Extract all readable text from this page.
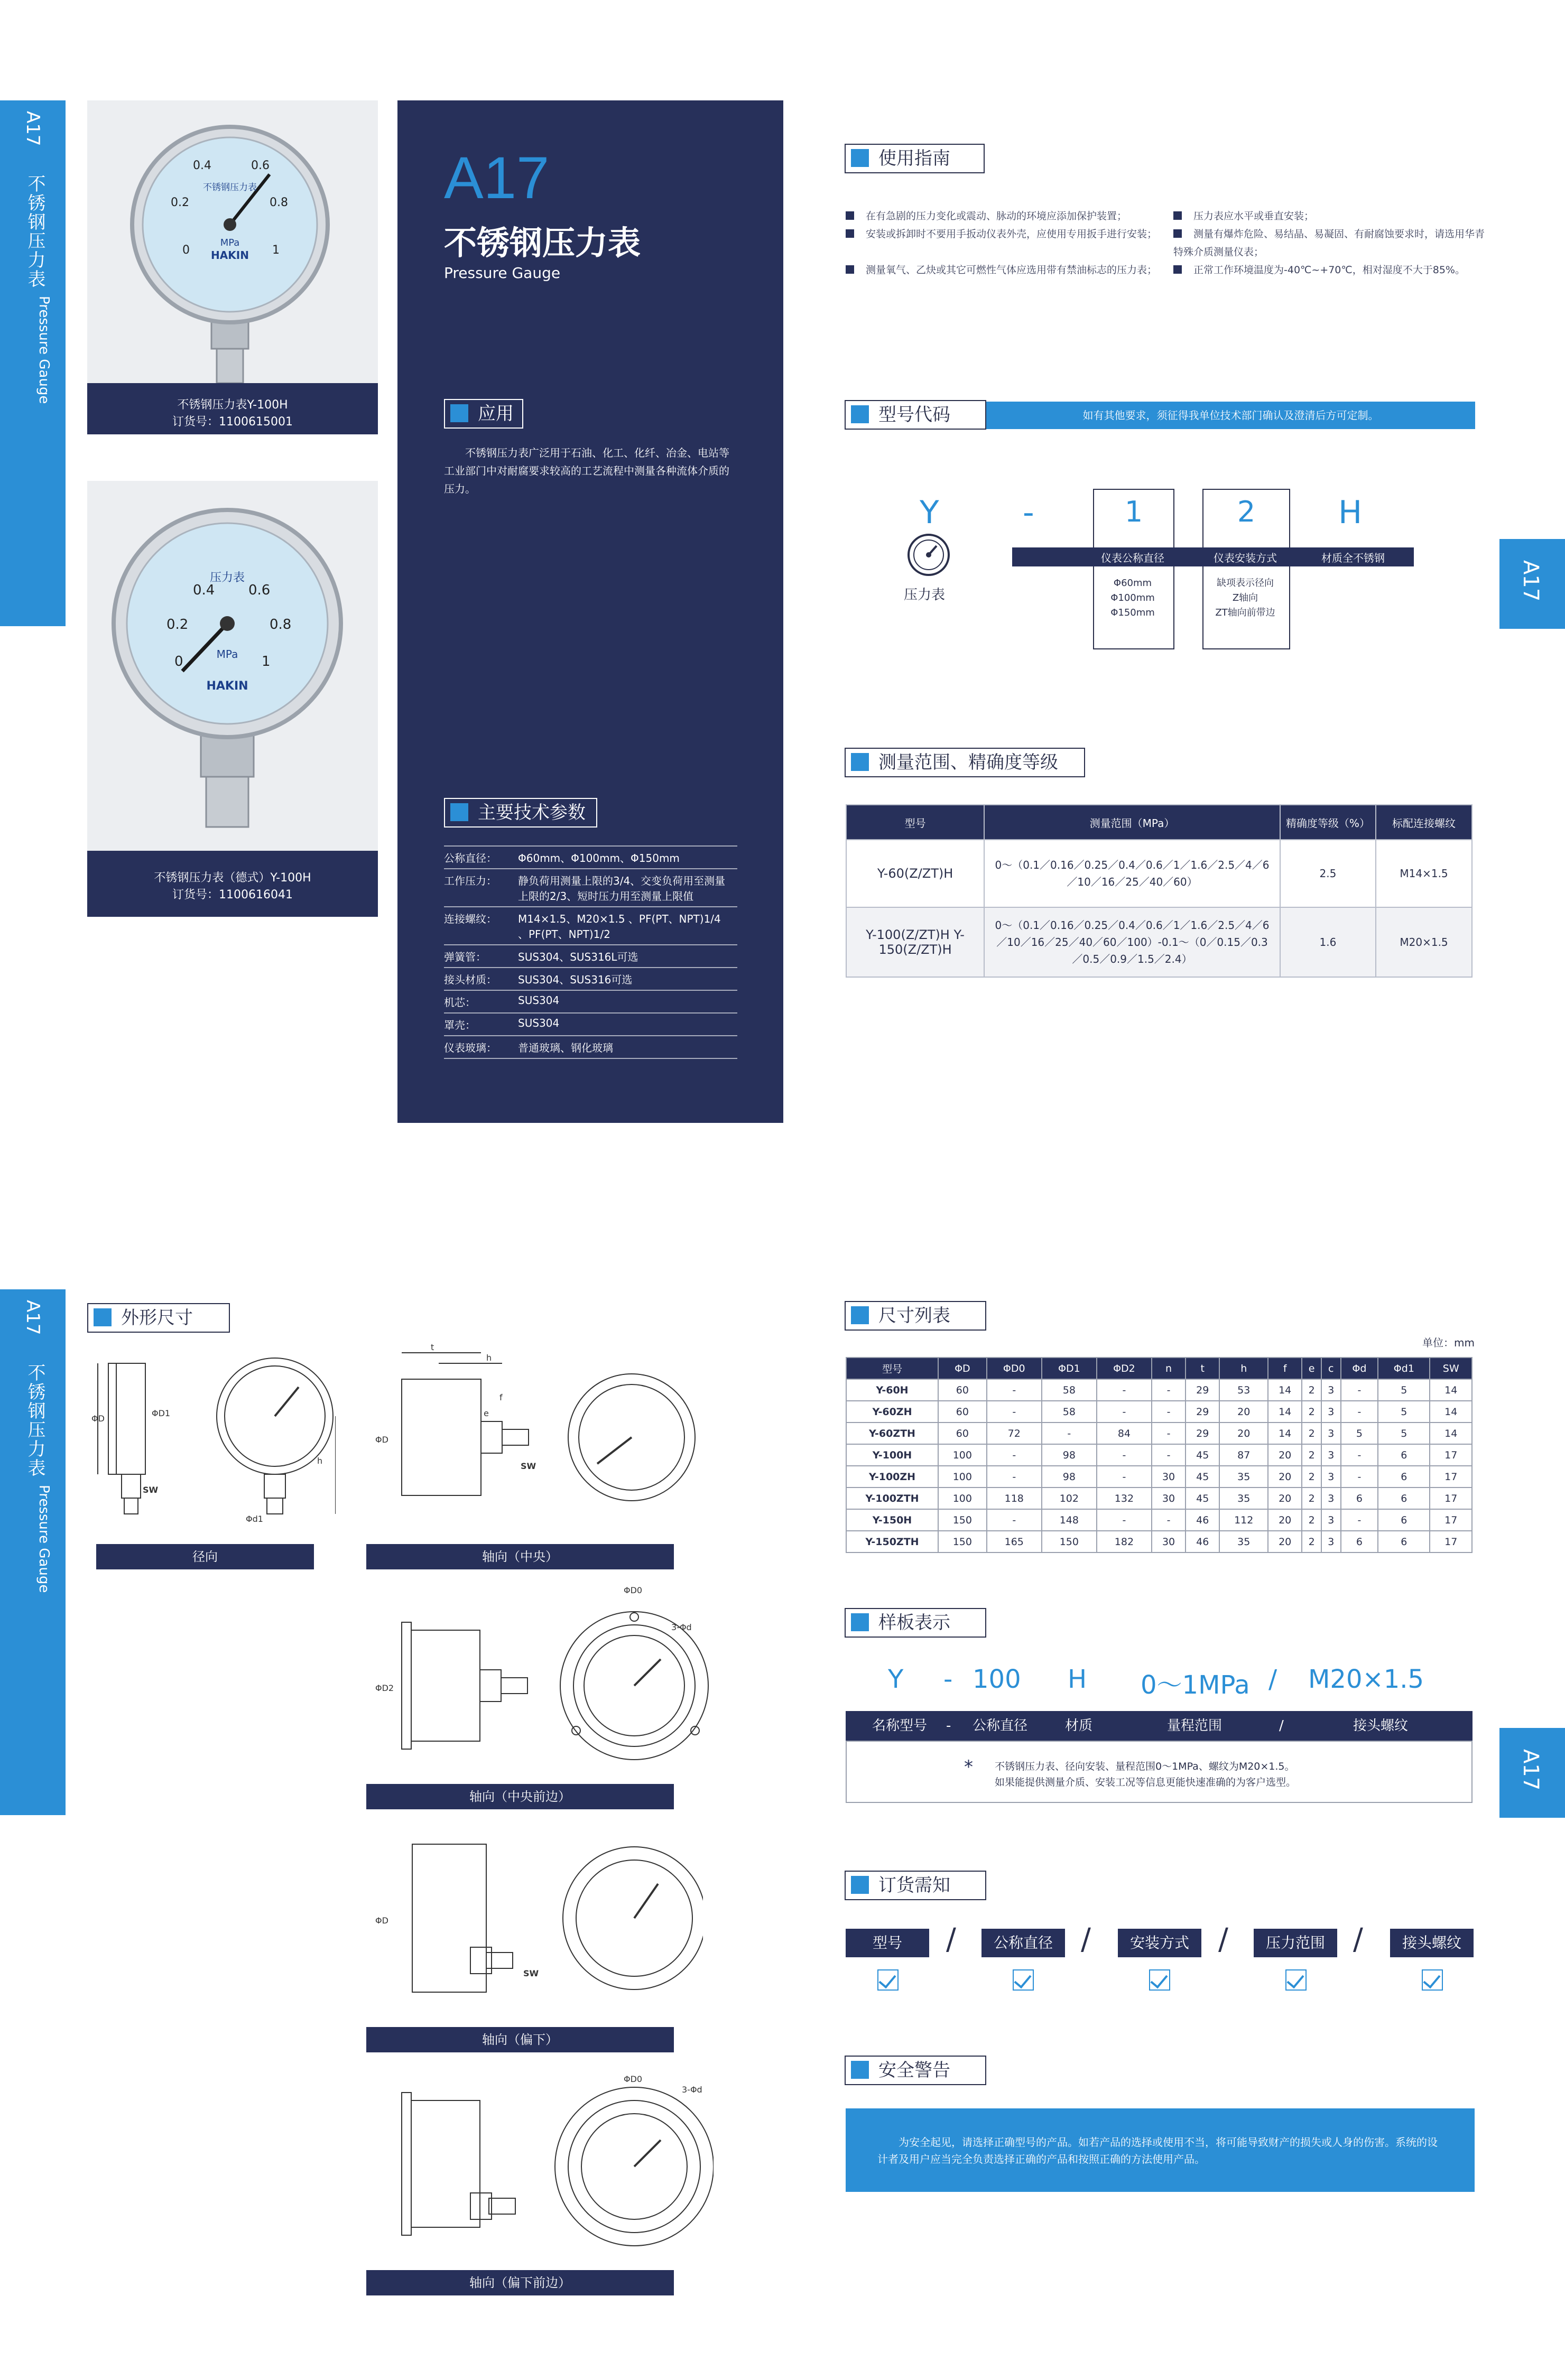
A17
不锈钢压力表
Pressure Gauge
A17
不锈钢压力表
Pressure Gauge
A17
A17
MPa
HAKIN
不锈钢压力表
0
0.2
0.4	0.6
0.8
1
不锈钢压力表Y-100H
订货号：1100615001
压力表
MPa
HAKIN
0
0.2
0.4 0.6
0.8
1
不锈钢压力表（德式）Y-100H
订货号：1100616041
A17
不锈钢压力表
Pressure Gauge
应用
不锈钢压力表广泛用于石油、化工、化纤、冶金、电站等工业部门中对耐腐要求较高的工艺流程中测量各种流体介质的压力。
主要技术参数
公称直径：	Φ60mm、Φ100mm、Φ150mm
工作压力：	静负荷用测量上限的3/4、交变负荷用至测量上限的2/3、短时压力用至测量上限值
连接螺纹：	M14×1.5、M20×1.5 、PF(PT、NPT)1/4 、PF(PT、NPT)1/2
弹簧管：	SUS304、SUS316L可选
接头材质：	SUS304、SUS316可选
机芯：	SUS304
罩壳：	SUS304
仪表玻璃：	普通玻璃、钢化玻璃
使用指南
在有急剧的压力变化或震动、脉动的环境应添加保护装置；
安装或拆卸时不要用手扳动仪表外壳，应使用专用扳手进行安装；
测量氧气、乙炔或其它可燃性气体应选用带有禁油标志的压力表；
压力表应水平或垂直安装；
测量有爆炸危险、易结晶、易凝固、有耐腐蚀要求时，请选用华青特殊介质测量仪表；
正常工作环境温度为-40℃~+70℃，相对湿度不大于85%。
型号代码	如有其他要求，须征得我单位技术部门确认及澄清后方可定制。
Y	-	1	2	H
仪表公称直径	仪表安装方式	材质全不锈钢
压力表
Φ60mm
Φ100mm
Φ150mm
缺项表示径向
Z轴向
ZT轴向前带边
测量范围、精确度等级
型号	测量范围（MPa）	精确度等级（%）	标配连接螺纹
Y-60(Z/ZT)H	0～（0.1／0.16／0.25／0.4／0.6／1／1.6／2.5／4／6／10／16／25／40／60）	2.5	M14×1.5
Y-100(Z/ZT)H Y-150(Z/ZT)H	0～（0.1／0.16／0.25／0.4／0.6／1／1.6／2.5／4／6／10／16／25／40／60／100）-0.1～（0／0.15／0.3／0.5／0.9／1.5／2.4）	1.6	M20×1.5
外形尺寸
ΦD
ΦD1
h
SW
Φd1
径向
t
h
f
e
SW
ΦD
轴向（中央）
ΦD0
3-Φd
ΦD2
轴向（中央前边）
ΦD
SW
轴向（偏下）
ΦD0
3-Φd
轴向（偏下前边）
尺寸列表
单位：mm
型号	ΦD	ΦD0	ΦD1	ΦD2	n	t	h	f	e	c	Φd	Φd1	SW
Y-60H	60	-	58	-	-	29	53	14	2	3	-	5	14
Y-60ZH	60	-	58	-	-	29	20	14	2	3	-	5	14
Y-60ZTH	60	72	-	84	-	29	20	14	2	3	5	5	14
Y-100H	100	-	98	-	-	45	87	20	2	3	-	6	17
Y-100ZH	100	-	98	-	30	45	35	20	2	3	-	6	17
Y-100ZTH	100	118	102	132	30	45	35	20	2	3	6	6	17
Y-150H	150	-	148	-	-	46	112	20	2	3	-	6	17
Y-150ZTH	150	165	150	182	30	46	35	20	2	3	6	6	17
样板表示
Y - 100 H 0～1MPa / M20×1.5
名称型号 - 公称直径	材质	量程范围	/	接头螺纹
* 不锈钢压力表、径向安装、量程范围0～1MPa、螺纹为M20×1.5。
如果能提供测量介质、安装工况等信息更能快速准确的为客户选型。
订货需知
型号	/	公称直径 /	安装方式 /	压力范围 /	接头螺纹
安全警告
为安全起见，请选择正确型号的产品。如若产品的选择或使用不当，将可能导致财产的损失或人身的伤害。系统的设计者及用户应当完全负责选择正确的产品和按照正确的方法使用产品。
